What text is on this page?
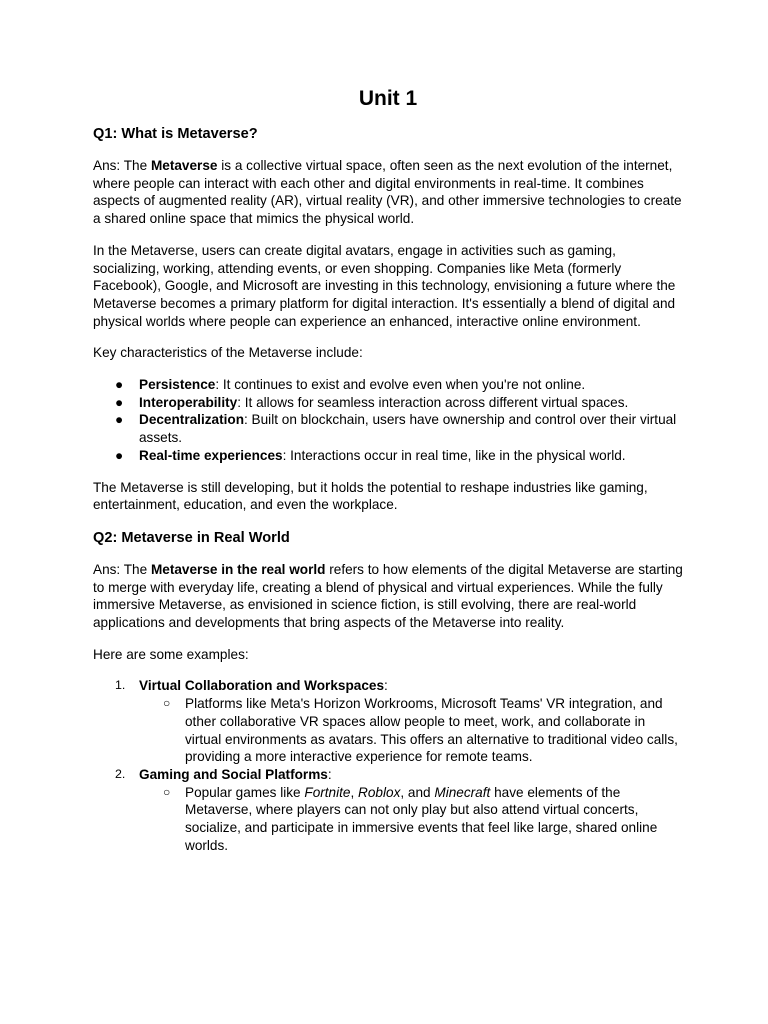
Unit 1
Q1: What is Metaverse?

Ans: The Metaverse is a collective virtual space, often seen as the next evolution of the internet, where people can interact with each other and digital environments in real-time. It combines aspects of augmented reality (AR), virtual reality (VR), and other immersive technologies to create a shared online space that mimics the physical world.

In the Metaverse, users can create digital avatars, engage in activities such as gaming, socializing, working, attending events, or even shopping. Companies like Meta (formerly Facebook), Google, and Microsoft are investing in this technology, envisioning a future where the Metaverse becomes a primary platform for digital interaction. It's essentially a blend of digital and physical worlds where people can experience an enhanced, interactive online environment.

Key characteristics of the Metaverse include:

● Persistence: It continues to exist and evolve even when you're not online.
● Interoperability: It allows for seamless interaction across different virtual spaces.
● Decentralization: Built on blockchain, users have ownership and control over their virtual assets.
● Real-time experiences: Interactions occur in real time, like in the physical world.

The Metaverse is still developing, but it holds the potential to reshape industries like gaming, entertainment, education, and even the workplace.

Q2: Metaverse in Real World

Ans: The Metaverse in the real world refers to how elements of the digital Metaverse are starting to merge with everyday life, creating a blend of physical and virtual experiences. While the fully immersive Metaverse, as envisioned in science fiction, is still evolving, there are real-world applications and developments that bring aspects of the Metaverse into reality.

Here are some examples:

1. Virtual Collaboration and Workspaces:
○ Platforms like Meta's Horizon Workrooms, Microsoft Teams' VR integration, and other collaborative VR spaces allow people to meet, work, and collaborate in virtual environments as avatars. This offers an alternative to traditional video calls, providing a more interactive experience for remote teams.
2. Gaming and Social Platforms:
○ Popular games like Fortnite, Roblox, and Minecraft have elements of the Metaverse, where players can not only play but also attend virtual concerts, socialize, and participate in immersive events that feel like large, shared online worlds.
